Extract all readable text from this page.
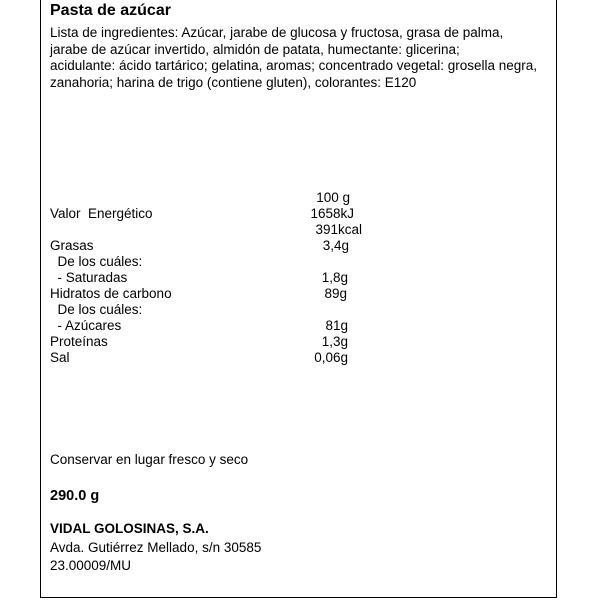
Pasta de azúcar
Lista de ingredientes: Azúcar, jarabe de glucosa y fructosa, grasa de palma,
jarabe de azúcar invertido, almidón de patata, humectante: glicerina;
acidulante: ácido tartárico; gelatina, aromas; concentrado vegetal: grosella negra,
zanahoria; harina de trigo (contiene gluten), colorantes: E120
100 g
Valor  Energético	1658kJ
391kcal
Grasas	3,4g
De los cuáles:
- Saturadas	1,8g
Hidratos de carbono	89g
De los cuáles:
- Azúcares	81g
Proteínas	1,3g
Sal	0,06g
Conservar en lugar fresco y seco
290.0 g
VIDAL GOLOSINAS, S.A.
Avda. Gutiérrez Mellado, s/n 30585
23.00009/MU
